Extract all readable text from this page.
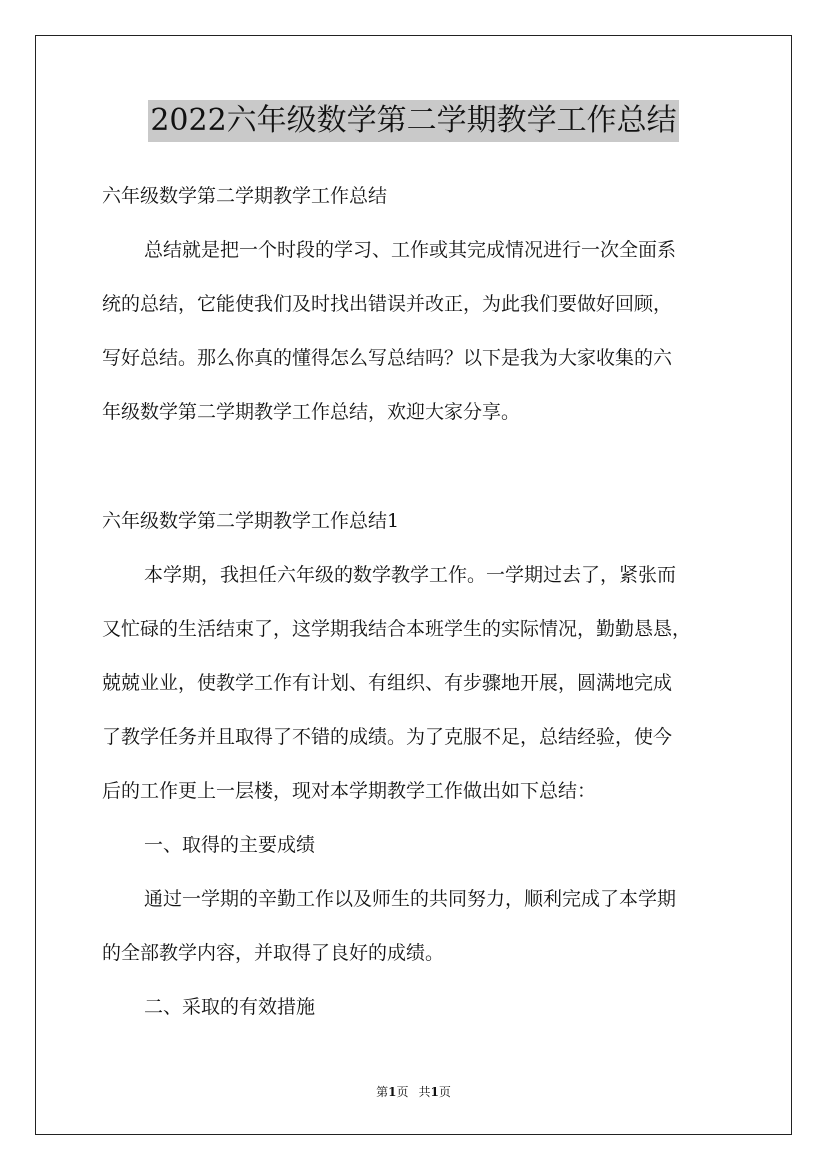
2022六年级数学第二学期教学工作总结
六年级数学第二学期教学工作总结
总结就是把一个时段的学习、工作或其完成情况进行一次全面系
统的总结，它能使我们及时找出错误并改正，为此我们要做好回顾，
写好总结。那么你真的懂得怎么写总结吗？以下是我为大家收集的六
年级数学第二学期教学工作总结，欢迎大家分享。
六年级数学第二学期教学工作总结1
本学期，我担任六年级的数学教学工作。一学期过去了，紧张而
又忙碌的生活结束了，这学期我结合本班学生的实际情况，勤勤恳恳，
兢兢业业，使教学工作有计划、有组织、有步骤地开展，圆满地完成
了教学任务并且取得了不错的成绩。为了克服不足，总结经验，使今
后的工作更上一层楼，现对本学期教学工作做出如下总结：
一、取得的主要成绩
通过一学期的辛勤工作以及师生的共同努力，顺利完成了本学期
的全部教学内容，并取得了良好的成绩。
二、采取的有效措施
第1页 共1页
